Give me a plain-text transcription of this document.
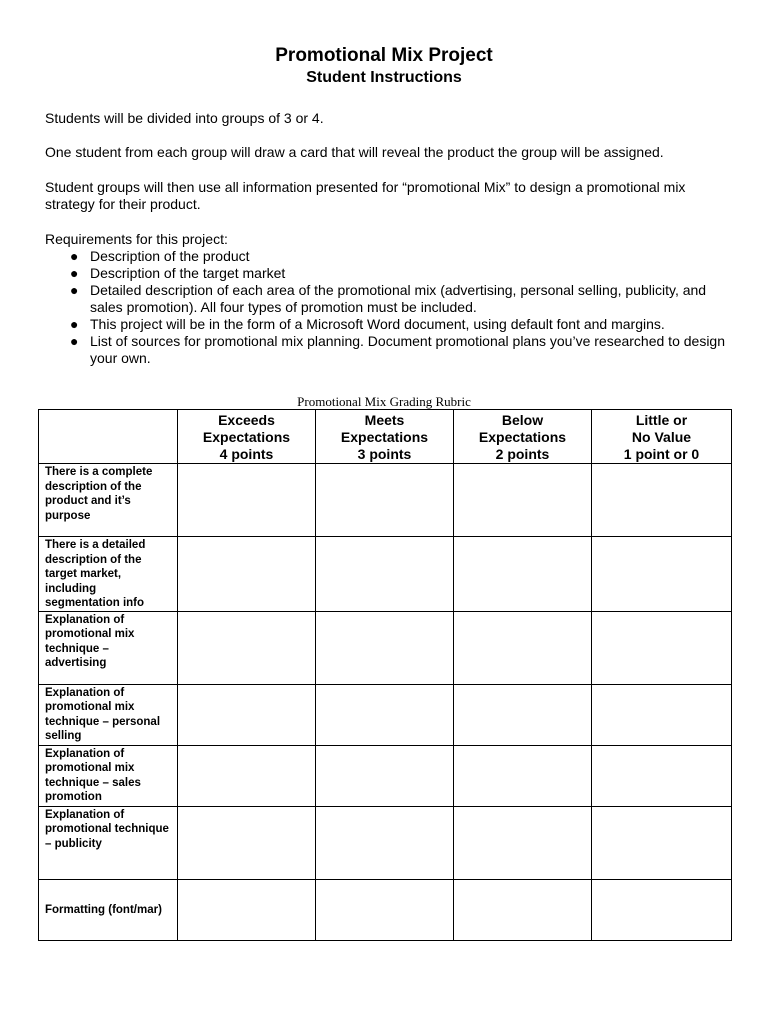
Promotional Mix Project
Student Instructions
Students will be divided into groups of 3 or 4.
One student from each group will draw a card that will reveal the product the group will be assigned.
Student groups will then use all information presented for “promotional Mix” to design a promotional mix strategy for their product.
Requirements for this project:
● Description of the product
● Description of the target market
● Detailed description of each area of the promotional mix (advertising, personal selling, publicity, and sales promotion). All four types of promotion must be included.
● This project will be in the form of a Microsoft Word document, using default font and margins.
● List of sources for promotional mix planning. Document promotional plans you’ve researched to design your own.
Promotional Mix Grading Rubric

	Exceeds
Expectations
4 points	Meets
Expectations
3 points	Below
Expectations
2 points	Little or
No Value
1 point or 0

There is a complete description of the product and it’s purpose				
There is a detailed description of the target market, including segmentation info				
Explanation of promotional mix technique – advertising				
Explanation of promotional mix technique – personal selling				
Explanation of promotional mix technique – sales promotion				
Explanation of promotional technique – publicity				
Formatting (font/mar)				
